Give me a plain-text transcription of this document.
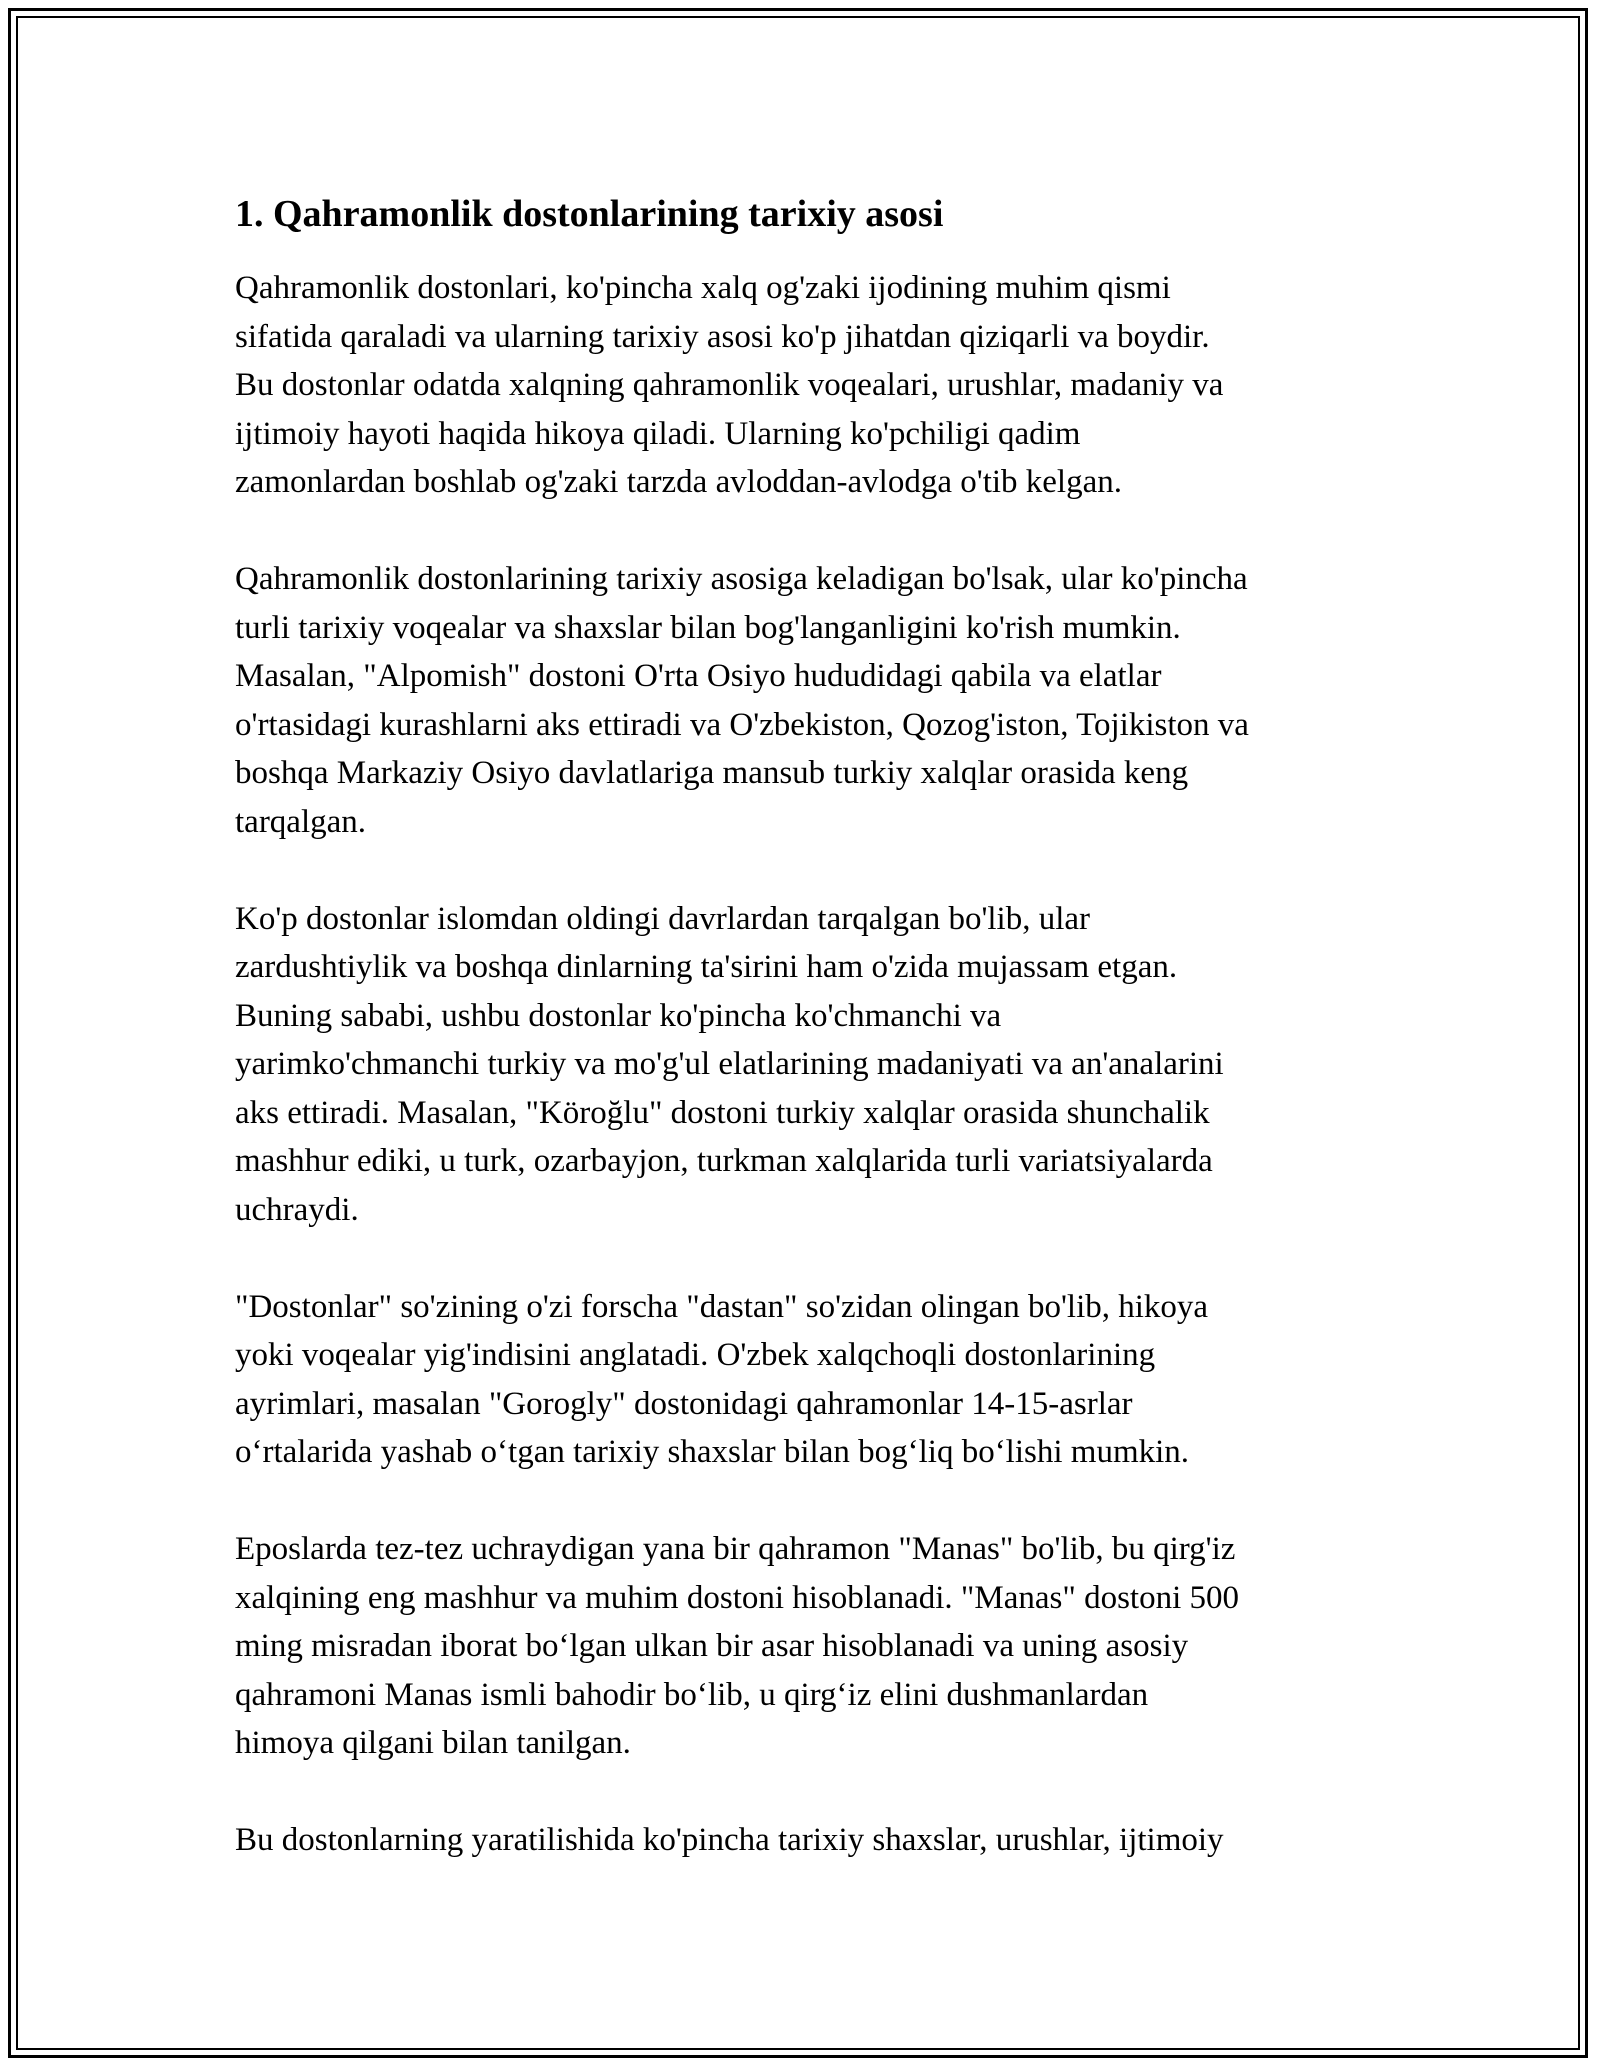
1. Qahramonlik dostonlarining tarixiy asosi

Qahramonlik dostonlari, ko'pincha xalq og'zaki ijodining muhim qismi
sifatida qaraladi va ularning tarixiy asosi ko'p jihatdan qiziqarli va boydir.
Bu dostonlar odatda xalqning qahramonlik voqealari, urushlar, madaniy va
ijtimoiy hayoti haqida hikoya qiladi. Ularning ko'pchiligi qadim
zamonlardan boshlab og'zaki tarzda avloddan-avlodga o'tib kelgan.

Qahramonlik dostonlarining tarixiy asosiga keladigan bo'lsak, ular ko'pincha
turli tarixiy voqealar va shaxslar bilan bog'langanligini ko'rish mumkin.
Masalan, "Alpomish" dostoni O'rta Osiyo hududidagi qabila va elatlar
o'rtasidagi kurashlarni aks ettiradi va O'zbekiston, Qozog'iston, Tojikiston va
boshqa Markaziy Osiyo davlatlariga mansub turkiy xalqlar orasida keng
tarqalgan.

Ko'p dostonlar islomdan oldingi davrlardan tarqalgan bo'lib, ular
zardushtiylik va boshqa dinlarning ta'sirini ham o'zida mujassam etgan.
Buning sababi, ushbu dostonlar ko'pincha ko'chmanchi va
yarimko'chmanchi turkiy va mo'g'ul elatlarining madaniyati va an'analarini
aks ettiradi. Masalan, "Köroğlu" dostoni turkiy xalqlar orasida shunchalik
mashhur ediki, u turk, ozarbayjon, turkman xalqlarida turli variatsiyalarda
uchraydi.

"Dostonlar" so'zining o'zi forscha "dastan" so'zidan olingan bo'lib, hikoya
yoki voqealar yig'indisini anglatadi. O'zbek xalqchoqli dostonlarining
ayrimlari, masalan "Gorogly" dostonidagi qahramonlar 14-15-asrlar
o‘rtalarida yashab o‘tgan tarixiy shaxslar bilan bog‘liq bo‘lishi mumkin.

Eposlarda tez-tez uchraydigan yana bir qahramon "Manas" bo'lib, bu qirg'iz
xalqining eng mashhur va muhim dostoni hisoblanadi. "Manas" dostoni 500
ming misradan iborat bo‘lgan ulkan bir asar hisoblanadi va uning asosiy
qahramoni Manas ismli bahodir bo‘lib, u qirg‘iz elini dushmanlardan
himoya qilgani bilan tanilgan.

Bu dostonlarning yaratilishida ko'pincha tarixiy shaxslar, urushlar, ijtimoiy
